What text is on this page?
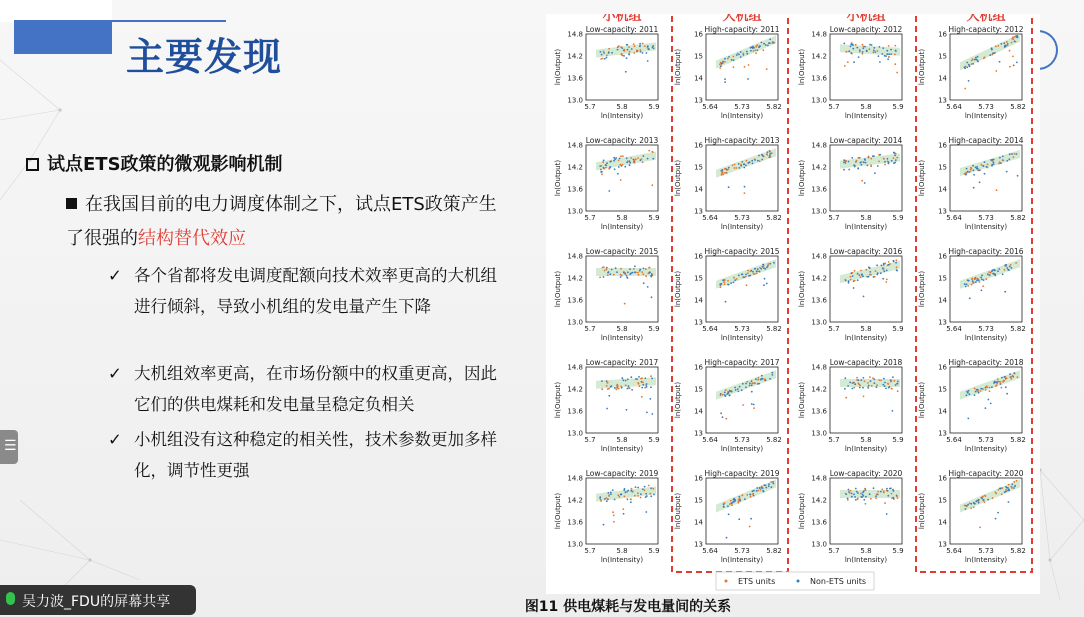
主要发现
试点ETS政策的微观影响机制
在我国目前的电力调度体制之下，试点ETS政策产生了很强的结构替代效应
✓ 各个省都将发电调度配额向技术效率更高的大机组进行倾斜，导致小机组的发电量产生下降
✓ 大机组效率更高，在市场份额中的权重更高，因此它们的供电煤耗和发电量呈稳定负相关
✓ 小机组没有这种稳定的相关性，技术参数更加多样化，调节性更强
小机组	大机组	小机组	大机组
Low-capacity: 2011
14.8
14.2
13.6
13.0
5.7	5.8	5.9
ln(Intensity)
ln(Output)
High-capacity: 2011
16
15
14
13
5.64 5.73 5.82
ln(Intensity)
ln(Output)
Low-capacity: 2012
14.8
14.2
13.6
13.0
5.7	5.8	5.9
ln(Intensity)
ln(Output)
High-capacity: 2012
16
15
14
13
5.64 5.73 5.82
ln(Intensity)
ln(Output)
Low-capacity: 2013
14.8
14.2
13.6
13.0
5.7	5.8	5.9
ln(Intensity)
ln(Output)
High-capacity: 2013
16
15
14
13
5.64 5.73 5.82
ln(Intensity)
ln(Output)
Low-capacity: 2014
14.8
14.2
13.6
13.0
5.7	5.8	5.9
ln(Intensity)
ln(Output)
High-capacity: 2014
16
15
14
13
5.64 5.73 5.82
ln(Intensity)
ln(Output)
Low-capacity: 2015
14.8
14.2
13.6
13.0
5.7	5.8	5.9
ln(Intensity)
ln(Output)
High-capacity: 2015
16
15
14
13
5.64 5.73 5.82
ln(Intensity)
ln(Output)
Low-capacity: 2016
14.8
14.2
13.6
13.0
5.7	5.8	5.9
ln(Intensity)
ln(Output)
High-capacity: 2016
16
15
14
13
5.64 5.73 5.82
ln(Intensity)
ln(Output)
Low-capacity: 2017
14.8
14.2
13.6
13.0
5.7	5.8	5.9
ln(Intensity)
ln(Output)
High-capacity: 2017
16
15
14
13
5.64 5.73 5.82
ln(Intensity)
ln(Output)
Low-capacity: 2018
14.8
14.2
13.6
13.0
5.7	5.8	5.9
ln(Intensity)
ln(Output)
High-capacity: 2018
16
15
14
13
5.64 5.73 5.82
ln(Intensity)
ln(Output)
Low-capacity: 2019
14.8
14.2
13.6
13.0
5.7	5.8	5.9
ln(Intensity)
ln(Output)
High-capacity: 2019
16
15
14
13
5.64 5.73 5.82
ln(Intensity)
ln(Output)
Low-capacity: 2020
14.8
14.2
13.6
13.0
5.7	5.8	5.9
ln(Intensity)
ln(Output)
High-capacity: 2020
16
15
14
13
5.64 5.73 5.82
ln(Intensity)
ln(Output)
ETS units	Non-ETS units
图11 供电煤耗与发电量间的关系
☰
吴力波_FDU的屏幕共享
